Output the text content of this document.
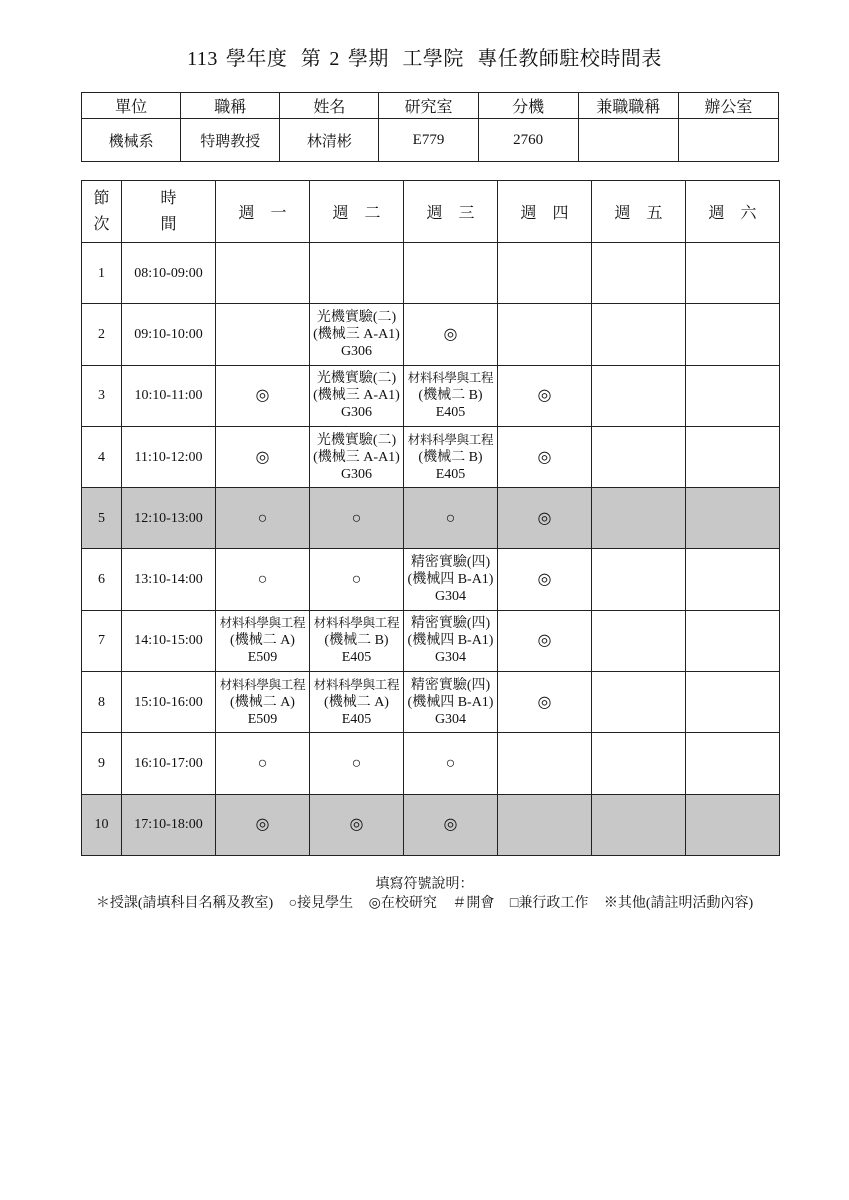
113 學年度 第 2 學期 工學院 專任教師駐校時間表
單位	職稱	姓名	研究室	分機	兼職職稱	辦公室
機械系	特聘教授	林清彬	E779	2760		
節
次	時
間	週　一	週　二	週　三	週　四	週　五	週　六
1	08:10-09:00						
2	09:10-10:00		光機實驗(二)
(機械三 A-A1)
G306	◎			

3	10:10-11:00	◎	光機實驗(二)
(機械三 A-A1)
G306	材料科學與工程
(機械二 B)
E405	◎		

4	11:10-12:00	◎	光機實驗(二)
(機械三 A-A1)
G306	材料科學與工程
(機械二 B)
E405	◎		

5	12:10-13:00	○	○	○	◎		

6	13:10-14:00	○	○	精密實驗(四)
(機械四 B-A1)
G304	◎		

7	14:10-15:00	材料科學與工程
(機械二 A)
E509	材料科學與工程
(機械二 B)
E405	精密實驗(四)
(機械四 B-A1)
G304	◎		

8	15:10-16:00	材料科學與工程
(機械二 A)
E509	材料科學與工程
(機械二 A)
E405	精密實驗(四)
(機械四 B-A1)
G304	◎		

9	16:10-17:00	○	○	○			

10	17:10-18:00	◎	◎	◎			

填寫符號說明：
＊授課(請填科目名稱及教室) ○接見學生 ◎在校研究 ＃開會 □兼行政工作 ※其他(請註明活動內容)
